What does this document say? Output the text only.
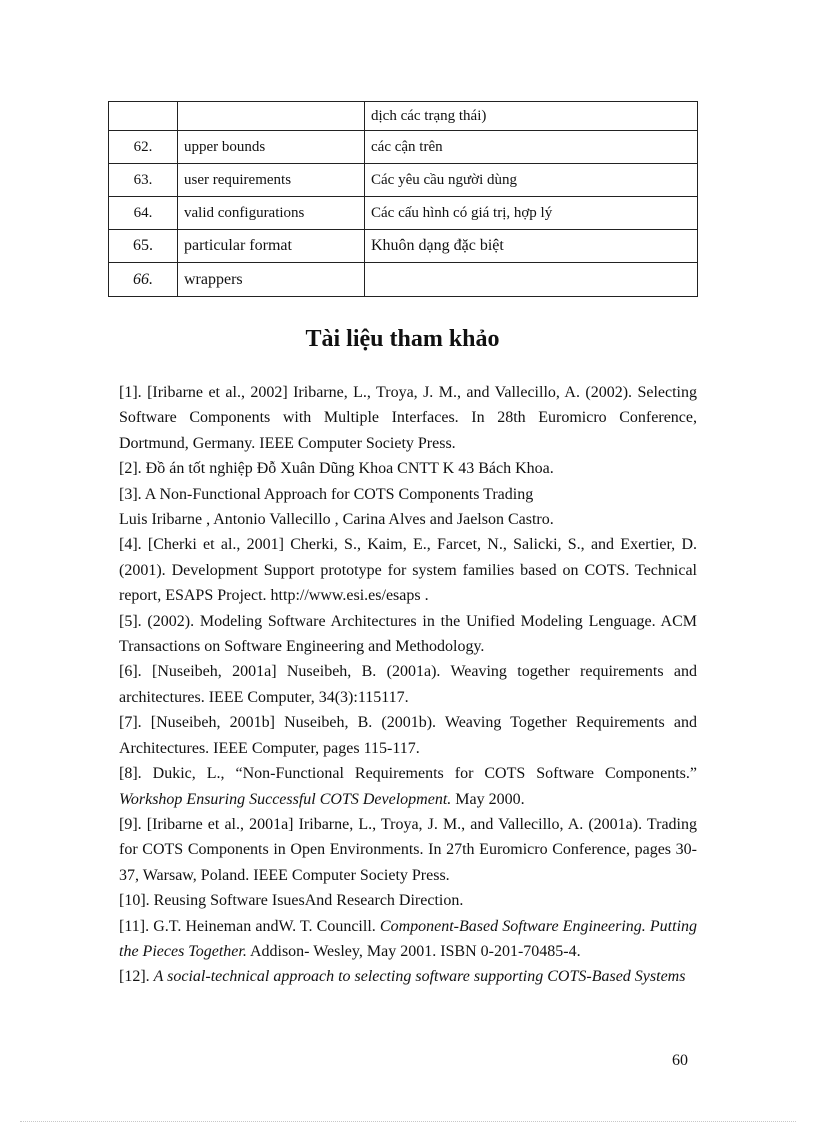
		dịch các trạng thái)
62.	upper bounds	các cận trên
63.	user requirements	Các yêu cầu người dùng
64.	valid configurations	Các cấu hình có giá trị, hợp lý
65.	particular format	Khuôn dạng đặc biệt
66.	wrappers	
Tài liệu tham khảo

[1]. [Iribarne et al., 2002] Iribarne, L., Troya, J. M., and Vallecillo, A. (2002). Selecting Software Components with Multiple Interfaces. In 28th Euromicro Conference, Dortmund, Germany. IEEE Computer Society Press.

[2]. Đồ án tốt nghiệp Đỗ Xuân Dũng Khoa CNTT K 43 Bách Khoa.

[3]. A Non-Functional Approach for COTS Components Trading

Luis Iribarne , Antonio Vallecillo , Carina Alves and Jaelson Castro.

[4]. [Cherki et al., 2001] Cherki, S., Kaim, E., Farcet, N., Salicki, S., and Exertier, D. (2001). Development Support prototype for system families based on COTS. Technical report, ESAPS Project. http://www.esi.es/esaps .

[5]. (2002). Modeling Software Architectures in the Unified Modeling Lenguage. ACM Transactions on Software Engineering and Methodology.

[6]. [Nuseibeh, 2001a] Nuseibeh, B. (2001a). Weaving together requirements and architectures. IEEE Computer, 34(3):115117.

[7]. [Nuseibeh, 2001b] Nuseibeh, B. (2001b). Weaving Together Requirements and Architectures. IEEE Computer, pages 115-117.

[8]. Dukic, L., “Non-Functional Requirements for COTS Software Components.” Workshop Ensuring Successful COTS Development. May 2000.

[9]. [Iribarne et al., 2001a] Iribarne, L., Troya, J. M., and Vallecillo, A. (2001a). Trading for COTS Components in Open Environments. In 27th Euromicro Conference, pages 30-37, Warsaw, Poland. IEEE Computer Society Press.

[10]. Reusing Software IsuesAnd Research Direction.

[11]. G.T. Heineman andW. T. Councill. Component-Based Software Engineering. Putting the Pieces Together. Addison- Wesley, May 2001. ISBN 0-201-70485-4.

[12]. A social-technical approach to selecting software supporting COTS-Based Systems

60
